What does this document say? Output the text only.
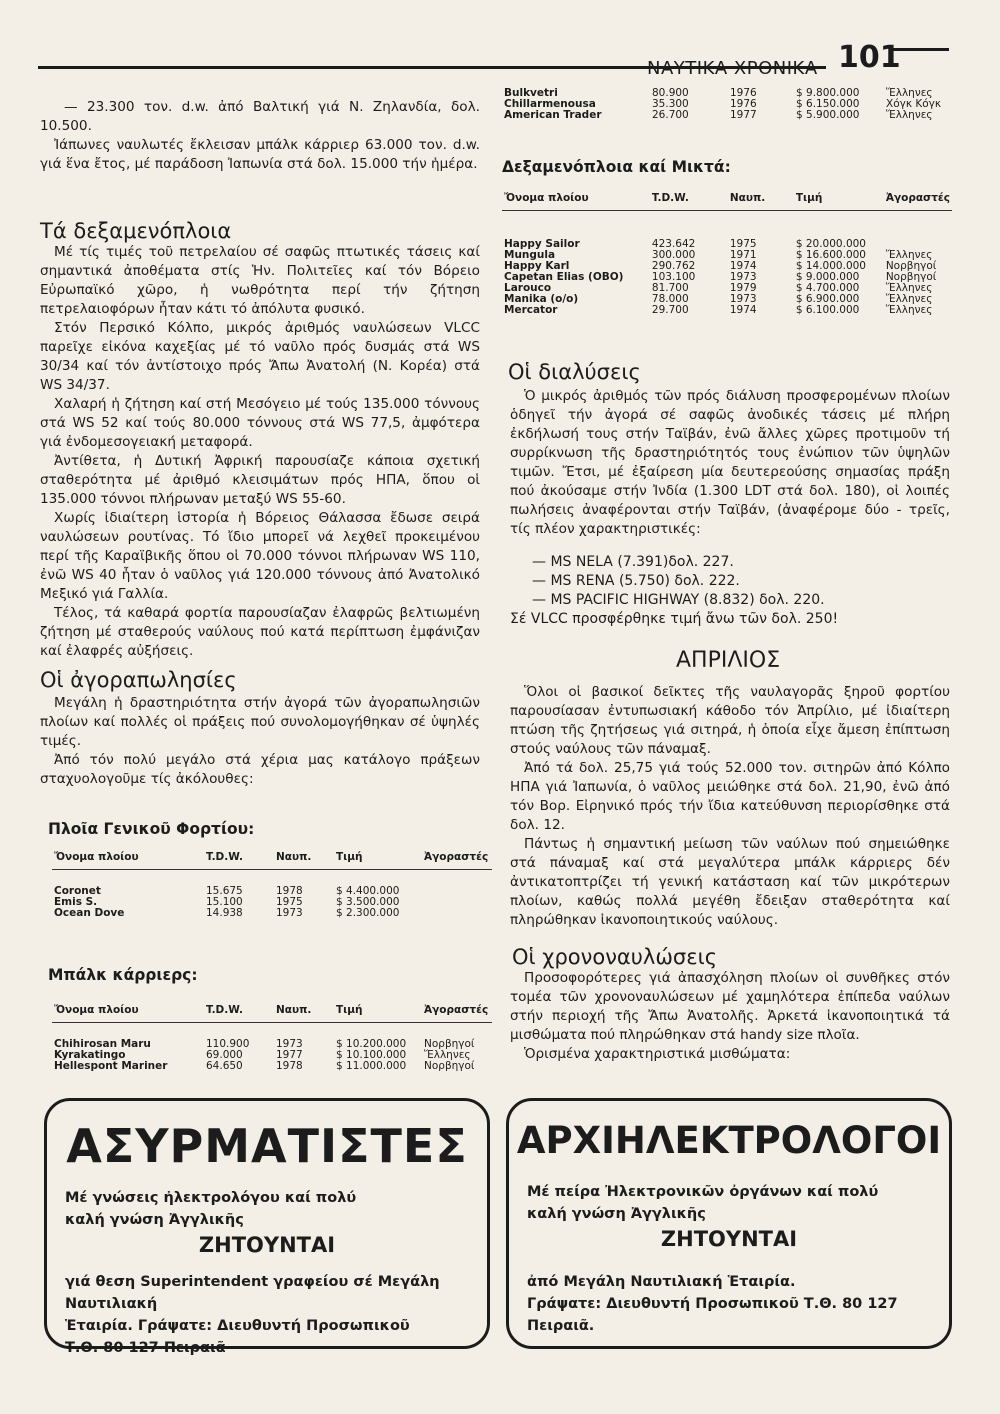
ΝΑΥΤΙΚΑ ΧΡΟΝΙΚΑ 101

— 23.300 τον. d.w. ἀπό Βαλτική γιά Ν. Ζηλανδία, δολ. 10.500.

Ἰάπωνες ναυλωτές ἔκλεισαν μπάλκ κάρριερ 63.000 τον. d.w. γιά ἕνα ἔτος, μέ παράδοση Ἰαπωνία στά δολ. 15.000 τήν ἡμέρα.

Τά δεξαμενόπλοια

Μέ τίς τιμές τοῦ πετρελαίου σέ σαφῶς πτωτικές τάσεις καί σημαντικά ἀποθέματα στίς Ἡν. Πολιτεῖες καί τόν Βόρειο Εὐρωπαϊκό χῶρο, ἡ νωθρότητα περί τήν ζήτηση πετρελαιοφόρων ἦταν κάτι τό ἀπόλυτα φυσικό.

Στόν Περσικό Κόλπο, μικρός ἀριθμός ναυλώσεων VLCC παρεῖχε εἰκόνα καχεξίας μέ τό ναῦλο πρός δυσμάς στά WS 30/34 καί τόν ἀντίστοιχο πρός Ἄπω Ἀνατολή (Ν. Κορέα) στά WS 34/37.

Χαλαρή ἡ ζήτηση καί στή Μεσόγειο μέ τούς 135.000 τόννους στά WS 52 καί τούς 80.000 τόννους στά WS 77,5, ἀμφότερα γιά ἐνδομεσογειακή μεταφορά.

Ἀντίθετα, ἡ Δυτική Ἀφρική παρουσίαζε κάποια σχετική σταθερότητα μέ ἀριθμό κλεισιμάτων πρός ΗΠΑ, ὅπου οἱ 135.000 τόννοι πλήρωναν μεταξύ WS 55-60.

Χωρίς ἰδιαίτερη ἱστορία ἡ Βόρειος Θάλασσα ἔδωσε σειρά ναυλώσεων ρουτίνας. Τό ἴδιο μπορεῖ νά λεχθεῖ προκειμένου περί τῆς Καραϊβικῆς ὅπου οἱ 70.000 τόννοι πλήρωναν WS 110, ἐνῶ WS 40 ἦταν ὁ ναῦλος γιά 120.000 τόννους ἀπό Ἀνατολικό Μεξικό γιά Γαλλία.

Τέλος, τά καθαρά φορτία παρουσίαζαν ἐλαφρῶς βελτιωμένη ζήτηση μέ σταθερούς ναύλους πού κατά περίπτωση ἐμφάνιζαν καί ἐλαφρές αὐξήσεις.

Οἱ ἀγοραπωλησίες

Μεγάλη ἡ δραστηριότητα στήν ἀγορά τῶν ἀγοραπωλησιῶν πλοίων καί πολλές οἱ πράξεις πού συνολομογήθηκαν σέ ὑψηλές τιμές.

Ἀπό τόν πολύ μεγάλο στά χέρια μας κατάλογο πράξεων σταχυολογοῦμε τίς ἀκόλουθες:

Πλοῖα Γενικοῦ Φορτίου:
Ὄνομα πλοίου	T.D.W.	Ναυπ.	Τιμή	Ἀγοραστές

Coronet	15.675	1978	$ 4.400.000	
Emis S.	15.100	1975	$ 3.500.000	
Ocean Dove	14.938	1973	$ 2.300.000	
Μπάλκ κάρριερς:
Ὄνομα πλοίου	T.D.W.	Ναυπ.	Τιμή	Ἀγοραστές

Chihirosan Maru	110.900	1973	$ 10.200.000	Νορβηγοί
Kyrakatingo	69.000	1977	$ 10.100.000	Ἕλληνες
Hellespont Mariner	64.650	1978	$ 11.000.000	Νορβηγοί
Bulkvetri	80.900	1976	$ 9.800.000	Ἕλληνες
Chillarmenousa	35.300	1976	$ 6.150.000	Χόγκ Κόγκ
American Trader	26.700	1977	$ 5.900.000	Ἕλληνες
Δεξαμενόπλοια καί Μικτά:
Ὄνομα πλοίου	T.D.W.	Ναυπ.	Τιμή	Ἀγοραστές

Happy Sailor	423.642	1975	$ 20.000.000	
Mungula	300.000	1971	$ 16.600.000	Ἕλληνες
Happy Karl	290.762	1974	$ 14.000.000	Νορβηγοί
Capetan Elias (OBO)	103.100	1973	$ 9.000.000	Νορβηγοί
Larouco	81.700	1979	$ 4.700.000	Ἕλληνες
Manika (o/o)	78.000	1973	$ 6.900.000	Ἕλληνες
Mercator	29.700	1974	$ 6.100.000	Ἕλληνες
Οἱ διαλύσεις

Ὁ μικρός ἀριθμός τῶν πρός διάλυση προσφερομένων πλοίων ὁδηγεῖ τήν ἀγορά σέ σαφῶς ἀνοδικές τάσεις μέ πλήρη ἐκδήλωσή τους στήν Ταϊβάν, ἐνῶ ἄλλες χῶρες προτιμοῦν τή συρρίκνωση τῆς δραστηριότητός τους ἐνώπιον τῶν ὑψηλῶν τιμῶν. Ἔτσι, μέ ἐξαίρεση μία δευτερεούσης σημασίας πράξη πού ἀκούσαμε στήν Ἰνδία (1.300 LDT στά δολ. 180), οἱ λοιπές πωλήσεις ἀναφέρονται στήν Ταϊβάν, (ἀναφέρομε δύο - τρεῖς, τίς πλέον χαρακτηριστικές:

— MS NELA (7.391)δολ. 227.
— MS RENA (5.750) δολ. 222.
— MS PACIFIC HIGHWAY (8.832) δολ. 220.

Σέ VLCC προσφέρθηκε τιμή ἄνω τῶν δολ. 250!

ΑΠΡΙΛΙΟΣ

Ὅλοι οἱ βασικοί δεῖκτες τῆς ναυλαγορᾶς ξηροῦ φορτίου παρουσίασαν ἐντυπωσιακή κάθοδο τόν Ἀπρίλιο, μέ ἰδιαίτερη πτώση τῆς ζητήσεως γιά σιτηρά, ἡ ὁποία εἶχε ἄμεση ἐπίπτωση στούς ναύλους τῶν πάναμαξ.

Ἀπό τά δολ. 25,75 γιά τούς 52.000 τον. σιτηρῶν ἀπό Κόλπο ΗΠΑ γιά Ἰαπωνία, ὁ ναῦλος μειώθηκε στά δολ. 21,90, ἐνῶ ἀπό τόν Βορ. Εἰρηνικό πρός τήν ἴδια κατεύθυνση περιορίσθηκε στά δολ. 12.

Πάντως ἡ σημαντική μείωση τῶν ναύλων πού σημειώθηκε στά πάναμαξ καί στά μεγαλύτερα μπάλκ κάρριερς δέν ἀντικατοπτρίζει τή γενική κατάσταση καί τῶν μικρότερων πλοίων, καθώς πολλά μεγέθη ἔδειξαν σταθερότητα καί πληρώθηκαν ἱκανοποιητικούς ναύλους.

Οἱ χρονοναυλώσεις

Προσοφορότερες γιά ἀπασχόληση πλοίων οἱ συνθῆκες στόν τομέα τῶν χρονοναυλώσεων μέ χαμηλότερα ἐπίπεδα ναύλων στήν περιοχή τῆς Ἄπω Ἀνατολῆς. Ἀρκετά ἱκανοποιητικά τά μισθώματα πού πληρώθηκαν στά handy size πλοῖα.

Ὁρισμένα χαρακτηριστικά μισθώματα:

ΑΣΥΡΜΑΤΙΣΤΕΣ
Μέ γνώσεις ἠλεκτρολόγου καί πολύ
καλή γνώση Ἀγγλικῆς
ΖΗΤΟΥΝΤΑΙ
γιά θεση Superintendent γραφείου σέ Μεγάλη Ναυτιλιακή
Ἑταιρία. Γράψατε: Διευθυντή Προσωπικοῦ
Τ.Θ. 80 127 Πειραιᾶ
ΑΡΧΙΗΛΕΚΤΡΟΛΟΓΟΙ
Μέ πείρα Ἠλεκτρονικῶν ὀργάνων καί πολύ
καλή γνώση Ἀγγλικῆς
ΖΗΤΟΥΝΤΑΙ
ἀπό Μεγάλη Ναυτιλιακή Ἑταιρία.
Γράψατε: Διευθυντή Προσωπικοῦ Τ.Θ. 80 127 Πειραιᾶ.
